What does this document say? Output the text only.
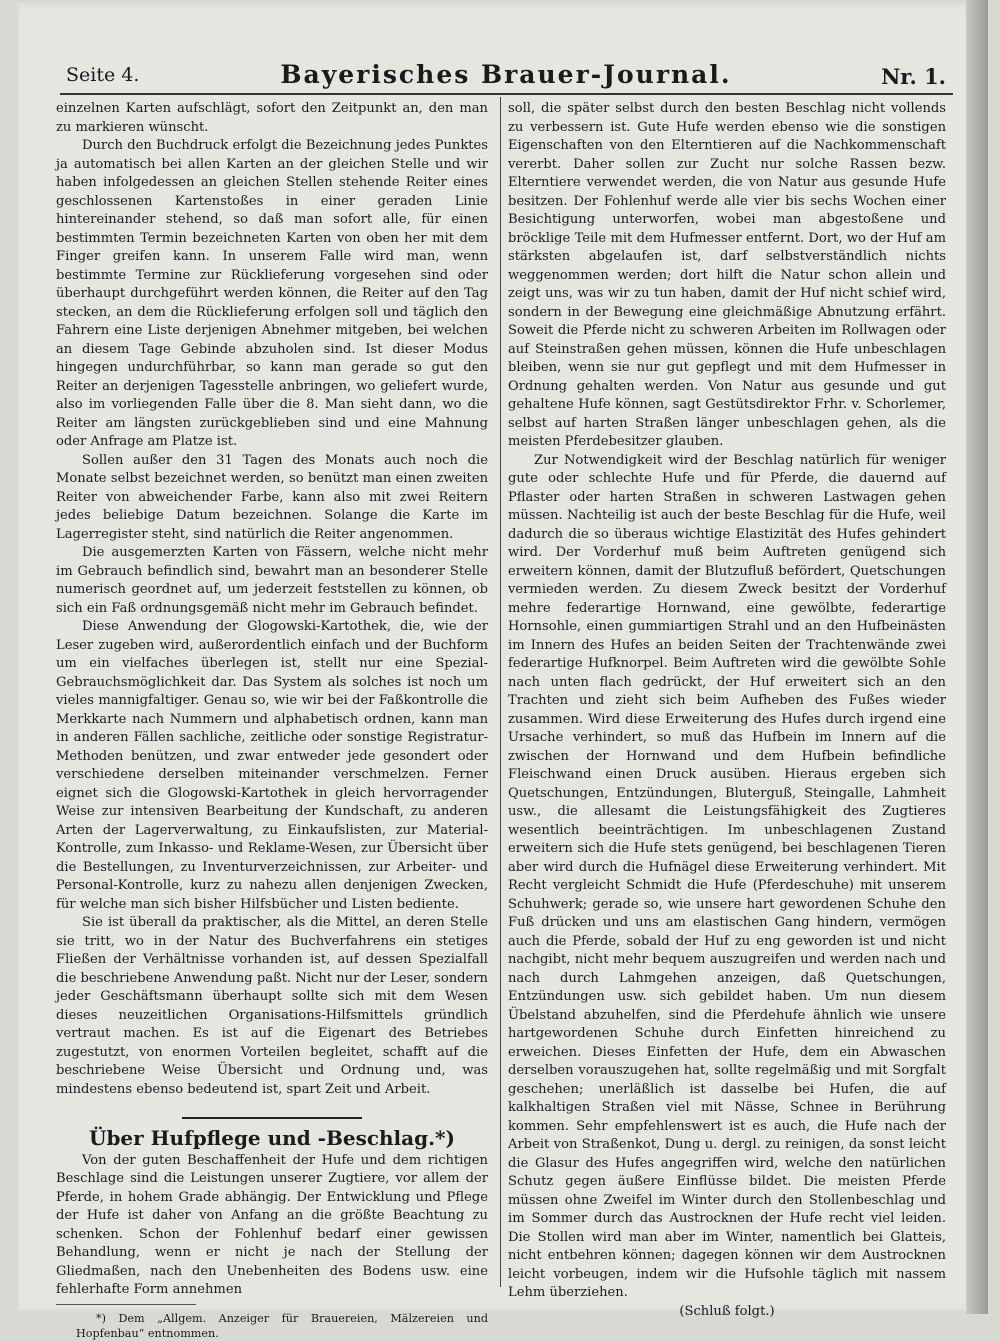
Seite 4.	Bayerisches Brauer-Journal.	Nr. 1.

einzelnen Karten aufschlägt, sofort den Zeitpunkt an, den man zu markieren wünscht.

Durch den Buchdruck erfolgt die Bezeichnung jedes Punktes ja automatisch bei allen Karten an der gleichen Stelle und wir haben infolgedessen an gleichen Stellen stehende Reiter eines geschlossenen Kartenstoßes in einer geraden Linie hintereinander stehend, so daß man sofort alle, für einen bestimmten Termin bezeichneten Karten von oben her mit dem Finger greifen kann. In unserem Falle wird man, wenn bestimmte Termine zur Rücklieferung vorgesehen sind oder überhaupt durchgeführt werden können, die Reiter auf den Tag stecken, an dem die Rücklieferung erfolgen soll und täglich den Fahrern eine Liste derjenigen Abnehmer mitgeben, bei welchen an diesem Tage Gebinde abzuholen sind. Ist dieser Modus hingegen undurchführbar, so kann man gerade so gut den Reiter an derjenigen Tagesstelle anbringen, wo geliefert wurde, also im vorliegenden Falle über die 8. Man sieht dann, wo die Reiter am längsten zurückgeblieben sind und eine Mahnung oder Anfrage am Platze ist.

Sollen außer den 31 Tagen des Monats auch noch die Monate selbst bezeichnet werden, so benützt man einen zweiten Reiter von abweichender Farbe, kann also mit zwei Reitern jedes beliebige Datum bezeichnen. Solange die Karte im Lagerregister steht, sind natürlich die Reiter angenommen.

Die ausgemerzten Karten von Fässern, welche nicht mehr im Gebrauch befindlich sind, bewahrt man an besonderer Stelle numerisch geordnet auf, um jederzeit feststellen zu können, ob sich ein Faß ordnungsgemäß nicht mehr im Gebrauch befindet.

Diese Anwendung der Glogowski-Kartothek, die, wie der Leser zugeben wird, außerordentlich einfach und der Buchform um ein vielfaches überlegen ist, stellt nur eine Spezial-Gebrauchsmöglichkeit dar. Das System als solches ist noch um vieles mannigfaltiger. Genau so, wie wir bei der Faßkontrolle die Merkkarte nach Nummern und alphabetisch ordnen, kann man in anderen Fällen sachliche, zeitliche oder sonstige Registratur-Methoden benützen, und zwar entweder jede gesondert oder verschiedene derselben miteinander verschmelzen. Ferner eignet sich die Glogowski-Kartothek in gleich hervorragender Weise zur intensiven Bearbeitung der Kundschaft, zu anderen Arten der Lagerverwaltung, zu Einkaufslisten, zur Material-Kontrolle, zum Inkasso- und Reklame-Wesen, zur Übersicht über die Bestellungen, zu Inventurverzeichnissen, zur Arbeiter- und Personal-Kontrolle, kurz zu nahezu allen denjenigen Zwecken, für welche man sich bisher Hilfsbücher und Listen bediente.

Sie ist überall da praktischer, als die Mittel, an deren Stelle sie tritt, wo in der Natur des Buchverfahrens ein stetiges Fließen der Verhältnisse vorhanden ist, auf dessen Spezialfall die beschriebene Anwendung paßt. Nicht nur der Leser, sondern jeder Geschäftsmann überhaupt sollte sich mit dem Wesen dieses neuzeitlichen Organisations-Hilfsmittels gründlich vertraut machen. Es ist auf die Eigenart des Betriebes zugestutzt, von enormen Vorteilen begleitet, schafft auf die beschriebene Weise Übersicht und Ordnung und, was mindestens ebenso bedeutend ist, spart Zeit und Arbeit.

Über Hufpflege und -Beschlag.*)

Von der guten Beschaffenheit der Hufe und dem richtigen Beschlage sind die Leistungen unserer Zugtiere, vor allem der Pferde, in hohem Grade abhängig. Der Entwicklung und Pflege der Hufe ist daher von Anfang an die größte Beachtung zu schenken. Schon der Fohlenhuf bedarf einer gewissen Behandlung, wenn er nicht je nach der Stellung der Gliedmaßen, nach den Unebenheiten des Bodens usw. eine fehlerhafte Form annehmen

*) Dem „Allgem. Anzeiger für Brauereien, Mälzereien und Hopfenbau“ entnommen.

soll, die später selbst durch den besten Beschlag nicht vollends zu verbessern ist. Gute Hufe werden ebenso wie die sonstigen Eigenschaften von den Elterntieren auf die Nachkommenschaft vererbt. Daher sollen zur Zucht nur solche Rassen bezw. Elterntiere verwendet werden, die von Natur aus gesunde Hufe besitzen. Der Fohlenhuf werde alle vier bis sechs Wochen einer Besichtigung unterworfen, wobei man abgestoßene und bröcklige Teile mit dem Hufmesser entfernt. Dort, wo der Huf am stärksten abgelaufen ist, darf selbstverständlich nichts weggenommen werden; dort hilft die Natur schon allein und zeigt uns, was wir zu tun haben, damit der Huf nicht schief wird, sondern in der Bewegung eine gleichmäßige Abnutzung erfährt. Soweit die Pferde nicht zu schweren Arbeiten im Rollwagen oder auf Steinstraßen gehen müssen, können die Hufe unbeschlagen bleiben, wenn sie nur gut gepflegt und mit dem Hufmesser in Ordnung gehalten werden. Von Natur aus gesunde und gut gehaltene Hufe können, sagt Gestütsdirektor Frhr. v. Schorlemer, selbst auf harten Straßen länger unbeschlagen gehen, als die meisten Pferdebesitzer glauben.

Zur Notwendigkeit wird der Beschlag natürlich für weniger gute oder schlechte Hufe und für Pferde, die dauernd auf Pflaster oder harten Straßen in schweren Lastwagen gehen müssen. Nachteilig ist auch der beste Beschlag für die Hufe, weil dadurch die so überaus wichtige Elastizität des Hufes gehindert wird. Der Vorderhuf muß beim Auftreten genügend sich erweitern können, damit der Blutzufluß befördert, Quetschungen vermieden werden. Zu diesem Zweck besitzt der Vorderhuf mehre federartige Hornwand, eine gewölbte, federartige Hornsohle, einen gummiartigen Strahl und an den Hufbeinästen im Innern des Hufes an beiden Seiten der Trachtenwände zwei federartige Hufknorpel. Beim Auftreten wird die gewölbte Sohle nach unten flach gedrückt, der Huf erweitert sich an den Trachten und zieht sich beim Aufheben des Fußes wieder zusammen. Wird diese Erweiterung des Hufes durch irgend eine Ursache verhindert, so muß das Hufbein im Innern auf die zwischen der Hornwand und dem Hufbein befindliche Fleischwand einen Druck ausüben. Hieraus ergeben sich Quetschungen, Entzündungen, Bluterguß, Steingalle, Lahmheit usw., die allesamt die Leistungsfähigkeit des Zugtieres wesentlich beeinträchtigen. Im unbeschlagenen Zustand erweitern sich die Hufe stets genügend, bei beschlagenen Tieren aber wird durch die Hufnägel diese Erweiterung verhindert. Mit Recht vergleicht Schmidt die Hufe (Pferdeschuhe) mit unserem Schuhwerk; gerade so, wie unsere hart gewordenen Schuhe den Fuß drücken und uns am elastischen Gang hindern, vermögen auch die Pferde, sobald der Huf zu eng geworden ist und nicht nachgibt, nicht mehr bequem auszugreifen und werden nach und nach durch Lahmgehen anzeigen, daß Quetschungen, Entzündungen usw. sich gebildet haben. Um nun diesem Übelstand abzuhelfen, sind die Pferdehufe ähnlich wie unsere hartgewordenen Schuhe durch Einfetten hinreichend zu erweichen. Dieses Einfetten der Hufe, dem ein Abwaschen derselben vorauszugehen hat, sollte regelmäßig und mit Sorgfalt geschehen; unerläßlich ist dasselbe bei Hufen, die auf kalkhaltigen Straßen viel mit Nässe, Schnee in Berührung kommen. Sehr empfehlenswert ist es auch, die Hufe nach der Arbeit von Straßenkot, Dung u. dergl. zu reinigen, da sonst leicht die Glasur des Hufes angegriffen wird, welche den natürlichen Schutz gegen äußere Einflüsse bildet. Die meisten Pferde müssen ohne Zweifel im Winter durch den Stollenbeschlag und im Sommer durch das Austrocknen der Hufe recht viel leiden. Die Stollen wird man aber im Winter, namentlich bei Glatteis, nicht entbehren können; dagegen können wir dem Austrocknen leicht vorbeugen, indem wir die Hufsohle täglich mit nassem Lehm überziehen.

(Schluß folgt.)
